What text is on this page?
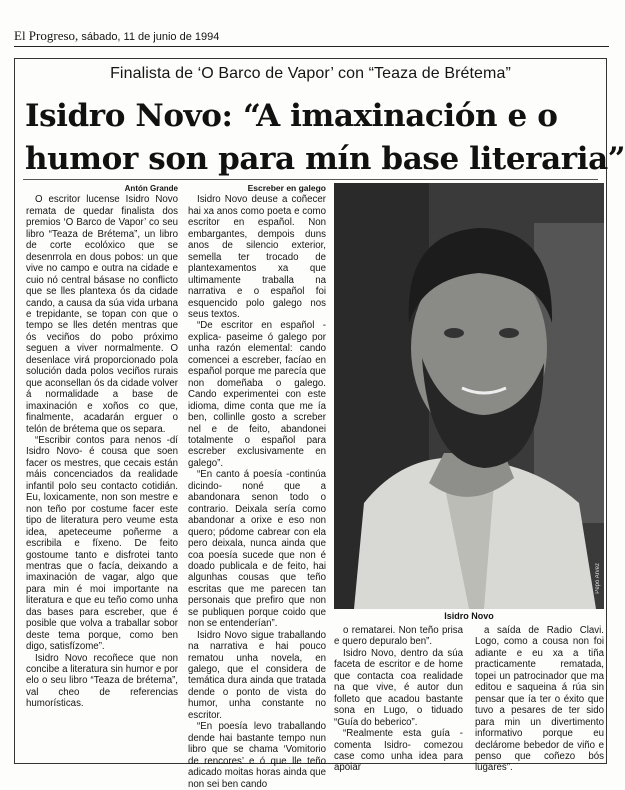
El Progreso, sábado, 11 de junio de 1994
Finalista de ‘O Barco de Vapor’ con “Teaza de Brétema”
Isidro Novo: “A imaxinación e o
humor son para mín base literaria”

Antón Grande

O escritor lucense Isidro Novo remata de quedar finalista dos premios ‘O Barco de Vapor’ co seu libro “Teaza de Brétema”, un libro de corte ecolóxico que se desenrrola en dous pobos: un que vive no campo e outra na cidade e cuio nó central básase no conflicto que se lles plantexa ós da cidade cando, a causa da súa vida urbana e trepidante, se topan con que o tempo se lles detén mentras que ós veciños do pobo próximo seguen a viver normalmente. O desenlace virá proporcionado pola solución dada polos veciños rurais que aconsellan ós da cidade volver á normalidade a base de imaxinación e xoños co que, finalmente, acadarán erguer o telón de brétema que os separa.

“Escribir contos para nenos -dí Isidro Novo- é cousa que soen facer os mestres, que cecais están máis concenciados da realidade infantil polo seu contacto cotidián. Eu, loxicamente, non son mestre e non teño por costume facer este tipo de literatura pero veume esta idea, apeteceume poñerme a escribila e fíxeno. De feito gostoume tanto e disfrotei tanto mentras que o facía, deixando a imaxinación de vagar, algo que para min é moi importante na literatura e que eu teño como unha das bases para escreber, que é posible que volva a traballar sobor deste tema porque, como ben digo, satisfízome”.

Isidro Novo recoñece que non concibe a literatura sin humor e por elo o seu libro “Teaza de brétema”, val cheo de referencias humorísticas.

Escreber en galego

Isidro Novo deuse a coñecer hai xa anos como poeta e como escritor en español. Non embargantes, dempois duns anos de silencio exterior, semella ter trocado de plantexamentos xa que ultimamente traballa na narrativa e o español foi esquencido polo galego nos seus textos.

“De escritor en español -explica- paseime ó galego por unha razón elemental: cando comencei a escreber, facíao en español porque me parecía que non domeñaba o galego. Cando experimentei con este idioma, dime conta que me ía ben, collinlle gosto a screber nel e de feito, abandonei totalmente o español para escreber exclusivamente en galego”.

“En canto á poesía -continúa dicindo- noné que a abandonara senon todo o contrario. Deixala sería como abandonar a orixe e eso non quero; pódome cabrear con ela pero deixala, nunca ainda que coa poesía sucede que non é doado publicala e de feito, hai algunhas cousas que teño escritas que me parecen tan personais que prefiro que non se publiquen porque coido que non se entenderían”.

Isidro Novo sigue traballando na narrativa e hai pouco rematou unha novela, en galego, que el considera de temática dura ainda que tratada dende o ponto de vista do humor, unha constante no escritor.

“En poesía levo traballando dende hai bastante tempo nun libro que se chama ‘Vomitorio de rencores’ e ó que lle teño adicado moitas horas ainda que non sei ben cando

Pepo Arvez
Isidro Novo

o rematarei. Non teño prisa e quero depuralo ben”.

Isidro Novo, dentro da súa faceta de escritor e de home que contacta coa realidade na que vive, é autor dun folleto que acadou bastante sona en Lugo, o tiduado “Guía do beberico”.

“Realmente esta guía -comenta Isidro- comezou case como unha idea para apoiar

a saída de Radio Clavi. Logo, como a cousa non foi adiante e eu xa a tiña practicamente rematada, topei un patrocinador que ma editou e saqueina á rúa sin pensar que ía ter o éxito que tuvo a pesares de ter sido para min un divertimento informativo porque eu declárome bebedor de viño e penso que coñezo bós lugares”.
